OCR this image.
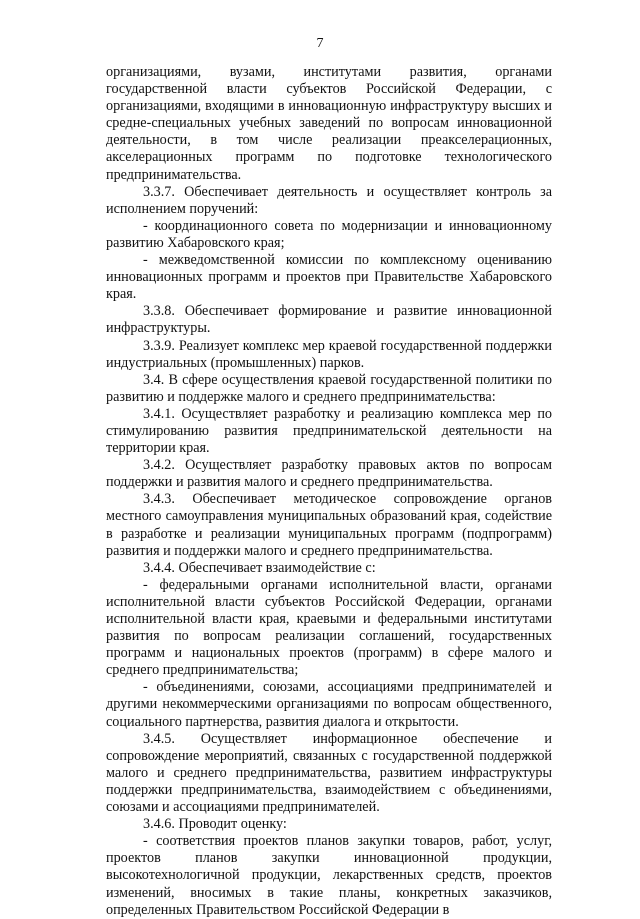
7

организациями, вузами, институтами развития, органами государственной власти субъектов Российской Федерации, с организациями, входящими в инновационную инфраструктуру высших и средне-специальных учебных заведений по вопросам инновационной деятельности, в том числе реализации преакселерационных, акселерационных программ по подготовке технологического предпринимательства.

3.3.7. Обеспечивает деятельность и осуществляет контроль за исполнением поручений:

- координационного совета по модернизации и инновационному развитию Хабаровского края;

- межведомственной комиссии по комплексному оцениванию инновационных программ и проектов при Правительстве Хабаровского края.

3.3.8. Обеспечивает формирование и развитие инновационной инфраструктуры.

3.3.9. Реализует комплекс мер краевой государственной поддержки индустриальных (промышленных) парков.

3.4. В сфере осуществления краевой государственной политики по развитию и поддержке малого и среднего предпринимательства:

3.4.1. Осуществляет разработку и реализацию комплекса мер по стимулированию развития предпринимательской деятельности на территории края.

3.4.2. Осуществляет разработку правовых актов по вопросам поддержки и развития малого и среднего предпринимательства.

3.4.3. Обеспечивает методическое сопровождение органов местного самоуправления муниципальных образований края, содействие в разработке и реализации муниципальных программ (подпрограмм) развития и поддержки малого и среднего предпринимательства.

3.4.4. Обеспечивает взаимодействие с:

- федеральными органами исполнительной власти, органами исполнительной власти субъектов Российской Федерации, органами исполнительной власти края, краевыми и федеральными институтами развития по вопросам реализации соглашений, государственных программ и национальных проектов (программ) в сфере малого и среднего предпринимательства;

- объединениями, союзами, ассоциациями предпринимателей и другими некоммерческими организациями по вопросам общественного, социального партнерства, развития диалога и открытости.

3.4.5. Осуществляет информационное обеспечение и сопровождение мероприятий, связанных с государственной поддержкой малого и среднего предпринимательства, развитием инфраструктуры поддержки предпринимательства, взаимодействием с объединениями, союзами и ассоциациями предпринимателей.

3.4.6. Проводит оценку:

- соответствия проектов планов закупки товаров, работ, услуг, проектов планов закупки инновационной продукции, высокотехнологичной продукции, лекарственных средств, проектов изменений, вносимых в такие планы, конкретных заказчиков, определенных Правительством Российской Федерации в
